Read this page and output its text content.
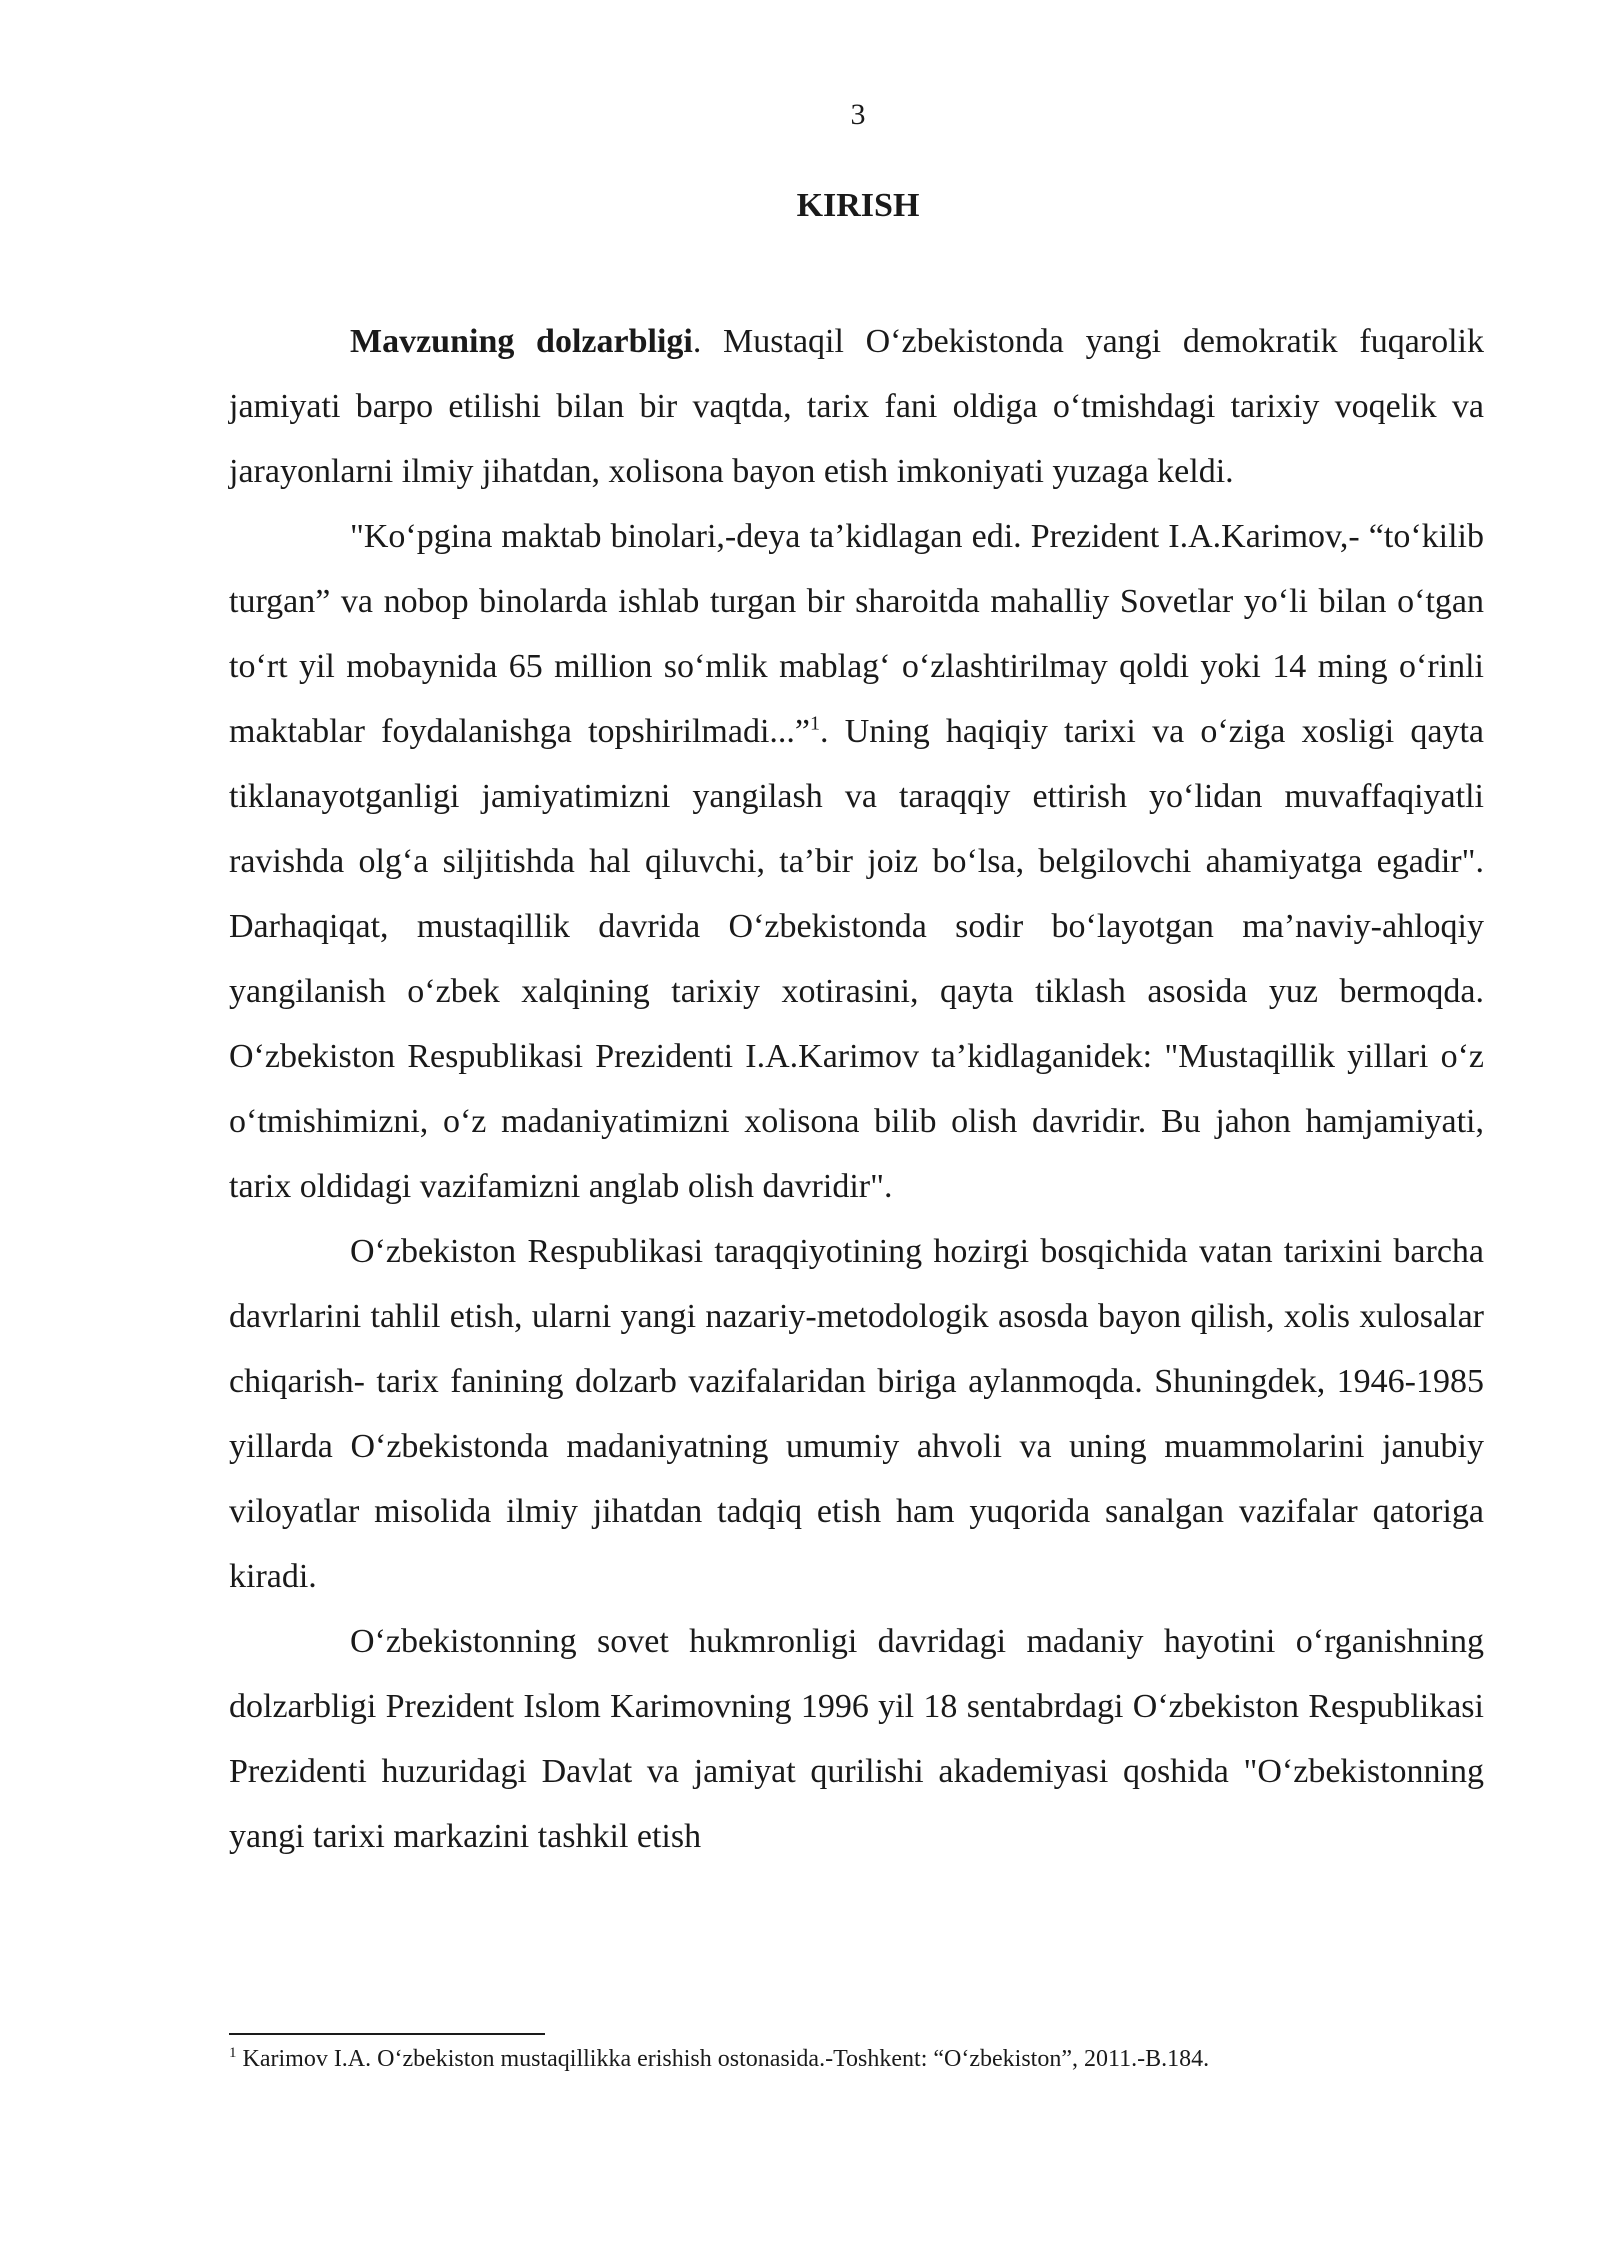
3
KIRISH

Mavzuning dolzarbligi. Mustaqil O‘zbekistonda yangi demokratik fuqarolik jamiyati barpo etilishi bilan bir vaqtda, tarix fani oldiga o‘tmishdagi tarixiy voqelik va jarayonlarni ilmiy jihatdan, xolisona bayon etish imkoniyati yuzaga keldi.

"Ko‘pgina maktab binolari,-deya ta’kidlagan edi. Prezident I.A.Karimov,- “to‘kilib turgan” va nobop binolarda ishlab turgan bir sharoitda mahalliy Sovetlar yo‘li bilan o‘tgan to‘rt yil mobaynida 65 million so‘mlik mablag‘ o‘zlashtirilmay qoldi yoki 14 ming o‘rinli maktablar foydalanishga topshirilmadi...”$^1$. Uning haqiqiy tarixi va o‘ziga xosligi qayta tiklanayotganligi jamiyatimizni yangilash va taraqqiy ettirish yo‘lidan muvaffaqiyatli ravishda olg‘a siljitishda hal qiluvchi, ta’bir joiz bo‘lsa, belgilovchi ahamiyatga egadir". Darhaqiqat, mustaqillik davrida O‘zbekistonda sodir bo‘layotgan ma’naviy-ahloqiy yangilanish o‘zbek xalqining tarixiy xotirasini, qayta tiklash asosida yuz bermoqda. O‘zbekiston Respublikasi Prezidenti I.A.Karimov ta’kidlaganidek: "Mustaqillik yillari o‘z o‘tmishimizni, o‘z madaniyatimizni xolisona bilib olish davridir. Bu jahon hamjamiyati, tarix oldidagi vazifamizni anglab olish davridir".

O‘zbekiston Respublikasi taraqqiyotining hozirgi bosqichida vatan tarixini barcha davrlarini tahlil etish, ularni yangi nazariy-metodologik asosda bayon qilish, xolis xulosalar chiqarish- tarix fanining dolzarb vazifalaridan biriga aylanmoqda. Shuningdek, 1946-1985 yillarda O‘zbekistonda madaniyatning umumiy ahvoli va uning muammolarini janubiy viloyatlar misolida ilmiy jihatdan tadqiq etish ham yuqorida sanalgan vazifalar qatoriga kiradi.

O‘zbekistonning sovet hukmronligi davridagi madaniy hayotini o‘rganishning dolzarbligi Prezident Islom Karimovning 1996 yil 18 sentabrdagi O‘zbekiston Respublikasi Prezidenti huzuridagi Davlat va jamiyat qurilishi akademiyasi qoshida "O‘zbekistonning yangi tarixi markazini tashkil etish

$^1$ Karimov I.A. O‘zbekiston mustaqillikka erishish ostonasida.-Toshkent: “O‘zbekiston”, 2011.-B.184.
